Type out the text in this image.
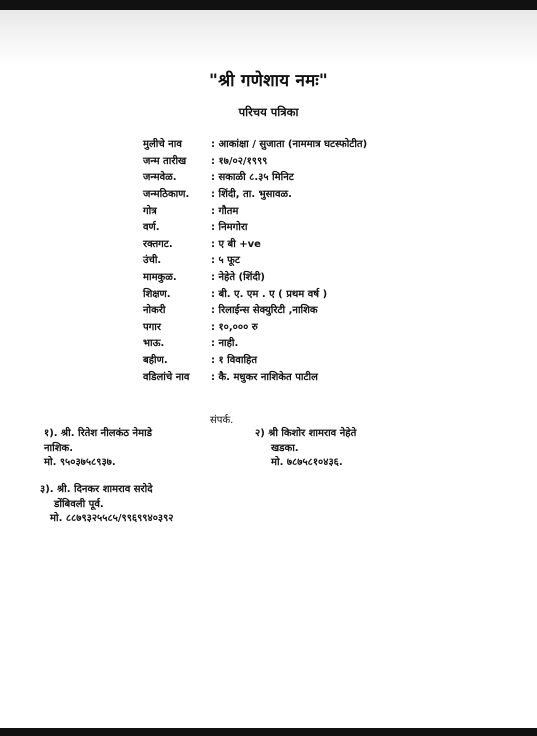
"श्री गणेशाय नमः"
परिचय पत्रिका
मुलीचे नाव	: आकांक्षा / सुजाता (नाममात्र घटस्फोटीत)
जन्म तारीख	: १७/०२/१९९९
जन्मवेळ.	: सकाळी ८.३५ मिनिट
जन्मठिकाण.	: शिंदी, ता. भुसावळ.
गोत्र	: गौतम
वर्ण.	: निमगोरा
रक्तगट.	: ए बी +ve
उंची.	: ५ फूट
मामकुळ.	: नेहेते (शिंदी)
शिक्षण.	: बी. ए. एम . ए ( प्रथम वर्ष )
नोकरी	: रिलाईन्स सेक्युरिटी ,नाशिक
पगार	: १०,००० रु
भाऊ.	: नाही.
बहीण.	: १ विवाहित
वडिलांचे नाव	: कै. मधुकर नाशिकेत पाटील
संपर्क.
१). श्री. रितेश नीलकंठ नेमाडे
नाशिक.
मो. ९५०३७५८९३७.
२) श्री किशोर शामराव नेहेते
खडका.
मो. ७८७५८१०४३६.
३). श्री. दिनकर शामराव सरोदे
डोंबिवली पूर्व.
मो. ८८७९३२५५८५/९९६९९४०३९२
